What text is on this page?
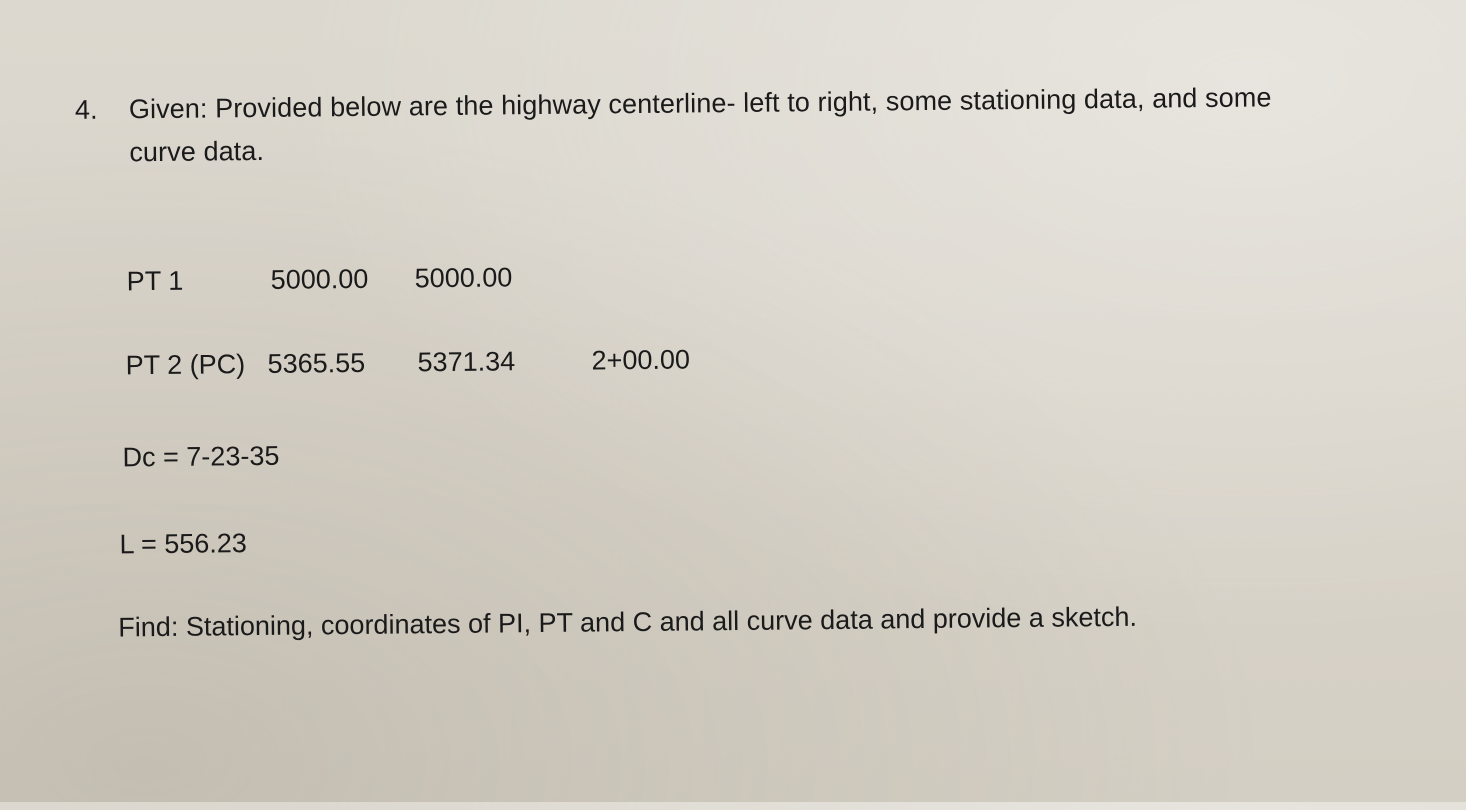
4. Given: Provided below are the highway centerline- left to right, some stationing data, and some
curve data.
PT 1	5000.00 5000.00
PT 2 (PC) 5365.55 5371.34	2+00.00
Dc = 7-23-35
L = 556.23
Find: Stationing, coordinates of PI, PT and C and all curve data and provide a sketch.
